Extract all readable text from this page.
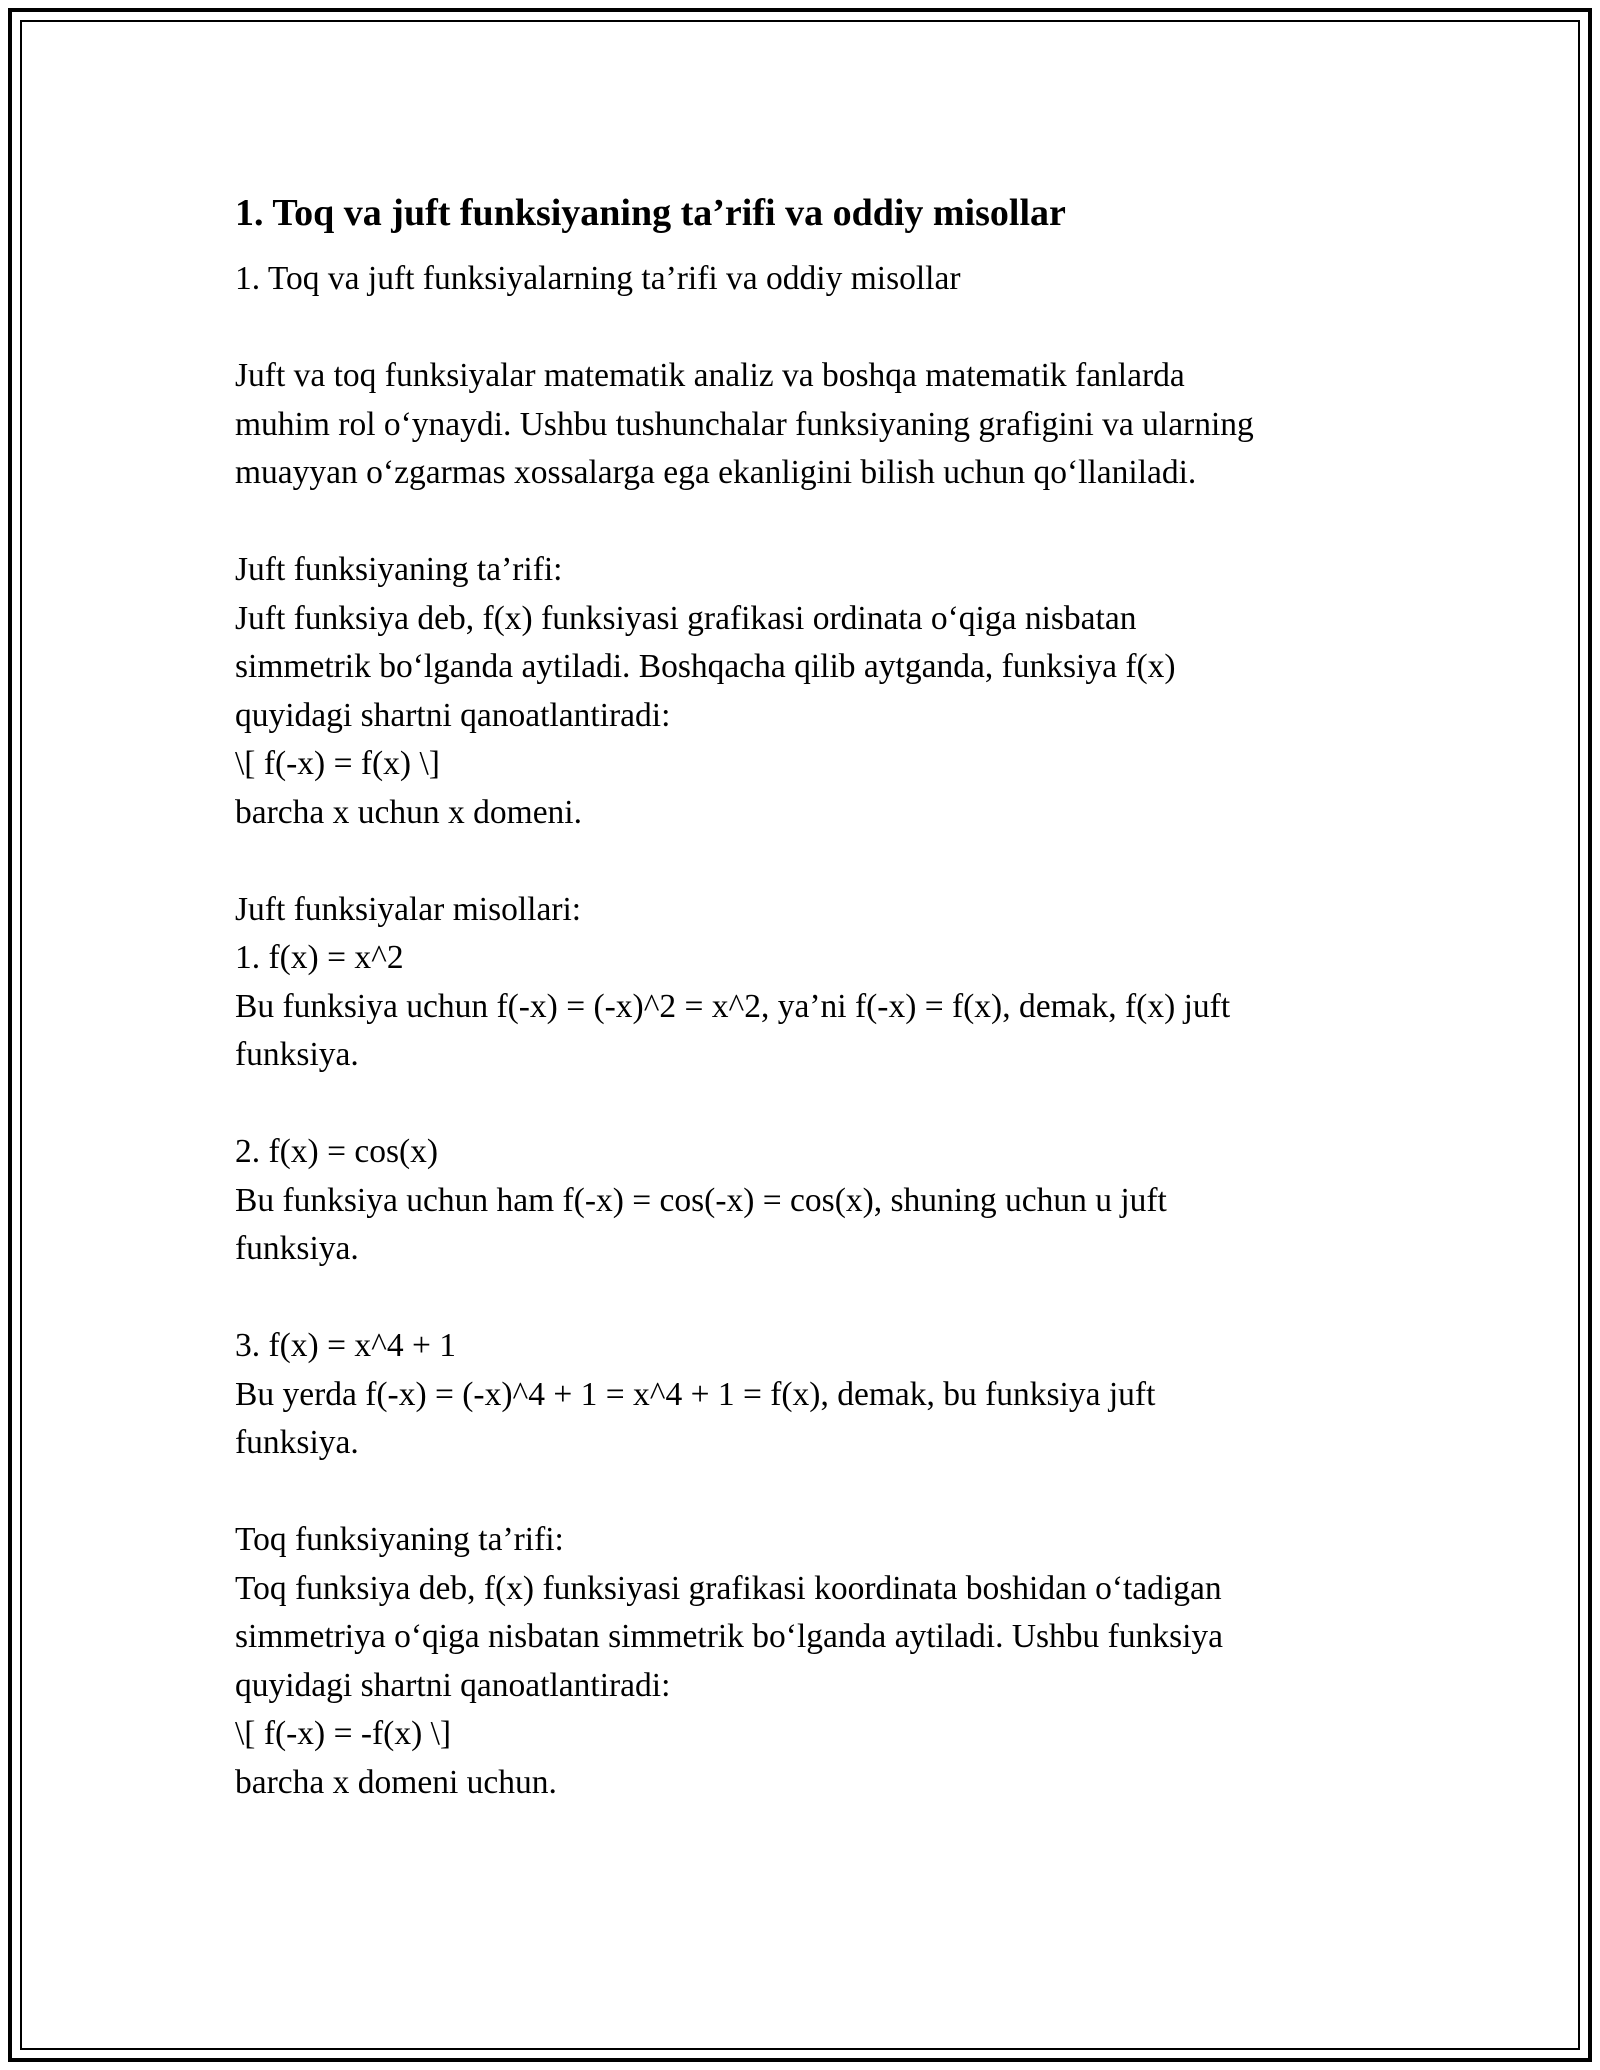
1. Toq va juft funksiyaning ta’rifi va oddiy misollar

1. Toq va juft funksiyalarning ta’rifi va oddiy misollar

Juft va toq funksiyalar matematik analiz va boshqa matematik fanlarda

muhim rol o‘ynaydi. Ushbu tushunchalar funksiyaning grafigini va ularning

muayyan o‘zgarmas xossalarga ega ekanligini bilish uchun qo‘llaniladi.

Juft funksiyaning ta’rifi:

Juft funksiya deb, f(x) funksiyasi grafikasi ordinata o‘qiga nisbatan

simmetrik bo‘lganda aytiladi. Boshqacha qilib aytganda, funksiya f(x)

quyidagi shartni qanoatlantiradi:

\[ f(-x) = f(x) \]

barcha x uchun x domeni.

Juft funksiyalar misollari:

1. f(x) = x^2

Bu funksiya uchun f(-x) = (-x)^2 = x^2, ya’ni f(-x) = f(x), demak, f(x) juft

funksiya.

2. f(x) = cos(x)

Bu funksiya uchun ham f(-x) = cos(-x) = cos(x), shuning uchun u juft

funksiya.

3. f(x) = x^4 + 1

Bu yerda f(-x) = (-x)^4 + 1 = x^4 + 1 = f(x), demak, bu funksiya juft

funksiya.

Toq funksiyaning ta’rifi:

Toq funksiya deb, f(x) funksiyasi grafikasi koordinata boshidan o‘tadigan

simmetriya o‘qiga nisbatan simmetrik bo‘lganda aytiladi. Ushbu funksiya

quyidagi shartni qanoatlantiradi:

\[ f(-x) = -f(x) \]

barcha x domeni uchun.
